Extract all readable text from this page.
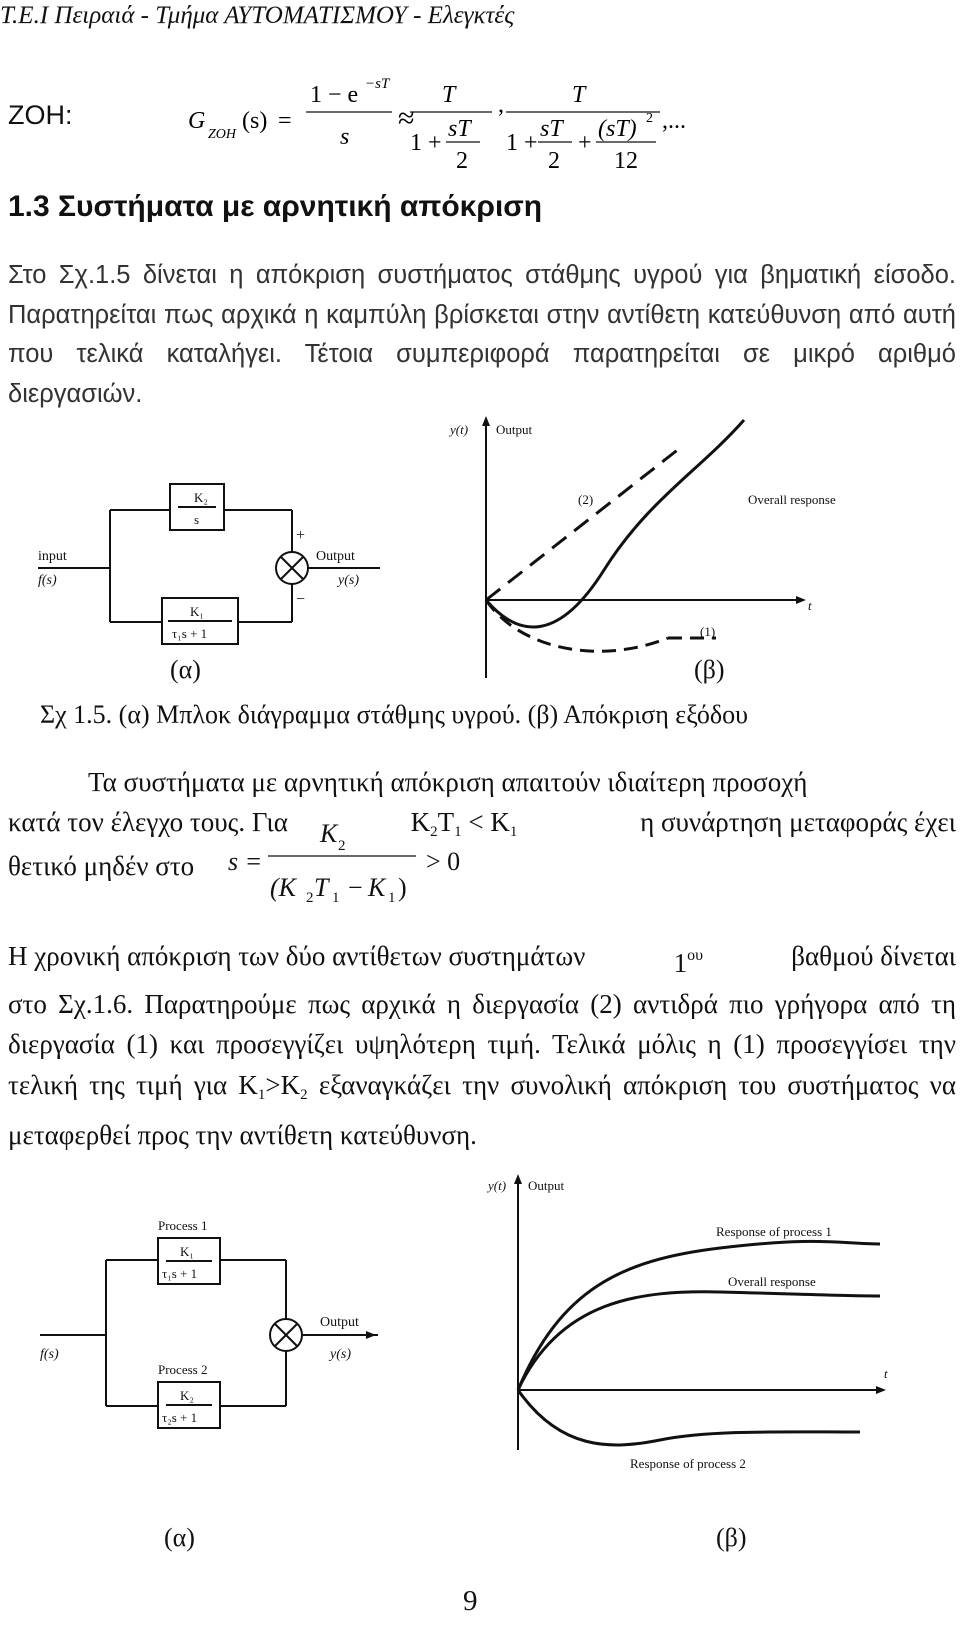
Τ.Ε.Ι Πειραιά - Τμήμα ΑΥΤΟΜΑΤΙΣΜΟΥ - Ελεγκτές
ZOH:	G
ZOH
(s) =
1 − e −sT
s
≈
T
1 +
sT
2
,	T
1 +
sT
2
+
(sT) 2
12
,...
1.3 Συστήματα με αρνητική απόκριση
Στο Σχ.1.5 δίνεται η απόκριση συστήματος στάθμης υγρού για βηματική είσοδο. Παρατηρείται πως αρχικά η καμπύλη βρίσκεται στην αντίθετη κατεύθυνση από αυτή που τελικά καταλήγει. Τέτοια συμπεριφορά παρατηρείται σε μικρό αριθμό διεργασιών.
K₂
s
K₁
τ₁s + 1
input
f(s)
Output
y(s)
+
−
y(t) Output
(2)	Overall response
(1)
t
(α)	(β)
Σχ 1.5. (α) Μπλοκ διάγραμμα στάθμης υγρού. (β) Απόκριση εξόδου
Τα συστήματα με αρνητική απόκριση απαιτούν ιδιαίτερη προσοχή
κατά τον έλεγχο τους. Για	$K_2T_1 < K_1$	η συνάρτηση μεταφοράς έχει
θετικό μηδέν στο s =
K 2
(K 2 T 1 − K 1 )
> 0
Η χρονική απόκριση των δύο αντίθετων συστημάτων	$1^{o\upsilon}$	βαθμού δίνεται
στο Σχ.1.6. Παρατηρούμε πως αρχικά η διεργασία (2) αντιδρά πιο γρήγορα από τη διεργασία (1) και προσεγγίζει υψηλότερη τιμή. Τελικά μόλις η (1) προσεγγίσει την τελική της τιμή για $K_1>K_2$ εξαναγκάζει την συνολική απόκριση του συστήματος να μεταφερθεί προς την αντίθετη κατεύθυνση.
Process 1
Process 2
K₁
τ₁s + 1
K₂
τ₂s + 1
f(s)
Output
y(s)
y(t) Output
Response of process 1
Overall response
Response of process 2
t
(α)	(β)
9
